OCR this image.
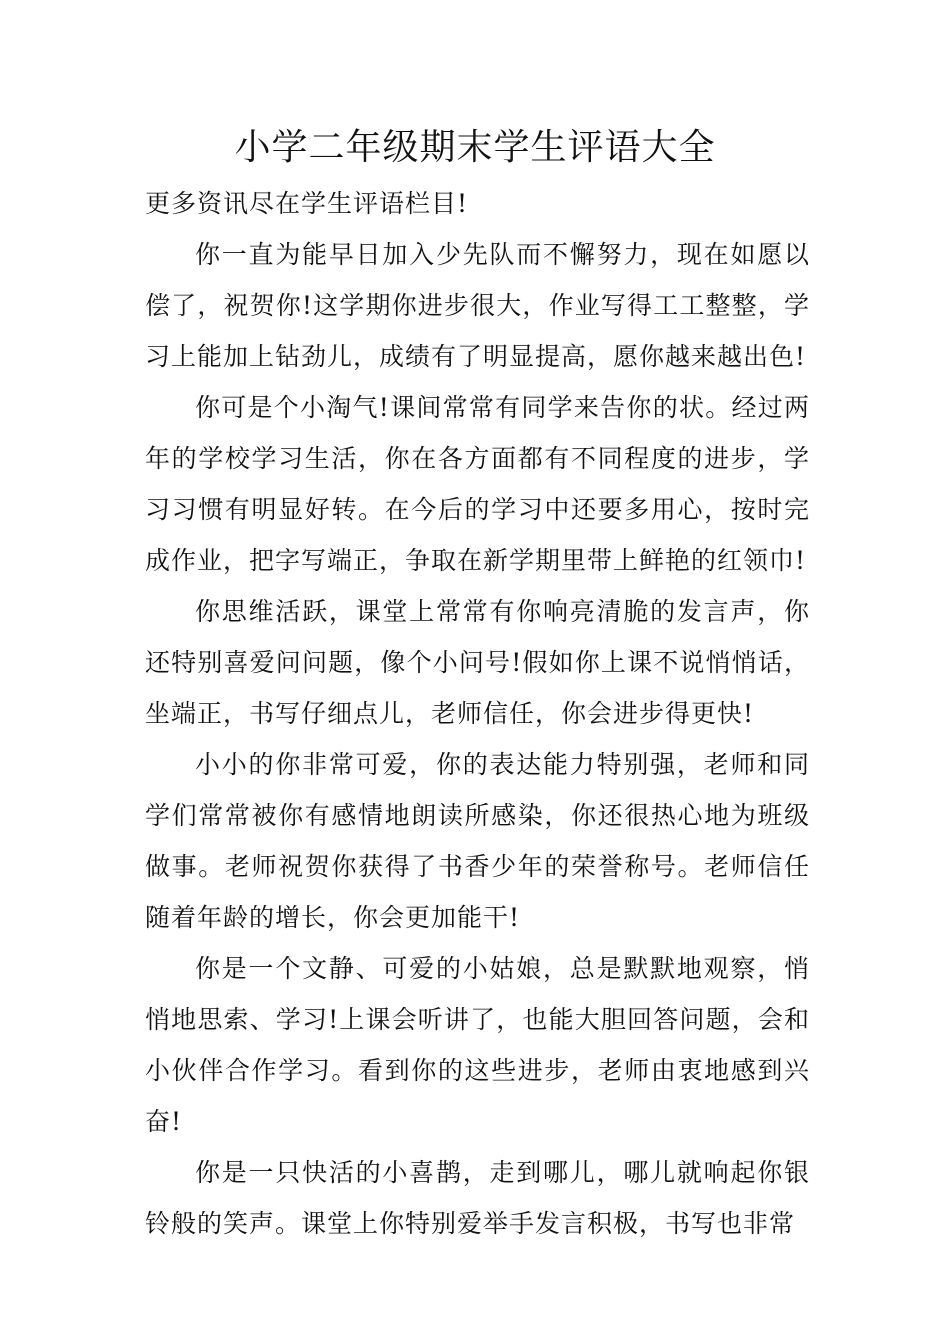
小学二年级期末学生评语大全

更多资讯尽在学生评语栏目!

你一直为能早日加入少先队而不懈努力，现在如愿以偿了，祝贺你!这学期你进步很大，作业写得工工整整，学习上能加上钻劲儿，成绩有了明显提高，愿你越来越出色!

你可是个小淘气!课间常常有同学来告你的状。经过两年的学校学习生活，你在各方面都有不同程度的进步，学习习惯有明显好转。在今后的学习中还要多用心，按时完成作业，把字写端正，争取在新学期里带上鲜艳的红领巾!

你思维活跃，课堂上常常有你响亮清脆的发言声，你还特别喜爱问问题，像个小问号!假如你上课不说悄悄话，坐端正，书写仔细点儿，老师信任，你会进步得更快!

小小的你非常可爱，你的表达能力特别强，老师和同学们常常被你有感情地朗读所感染，你还很热心地为班级做事。老师祝贺你获得了书香少年的荣誉称号。老师信任随着年龄的增长，你会更加能干!

你是一个文静、可爱的小姑娘，总是默默地观察，悄悄地思索、学习!上课会听讲了，也能大胆回答问题，会和小伙伴合作学习。看到你的这些进步，老师由衷地感到兴奋!

你是一只快活的小喜鹊，走到哪儿，哪儿就响起你银铃般的笑声。课堂上你特别爱举手发言积极，书写也非常
